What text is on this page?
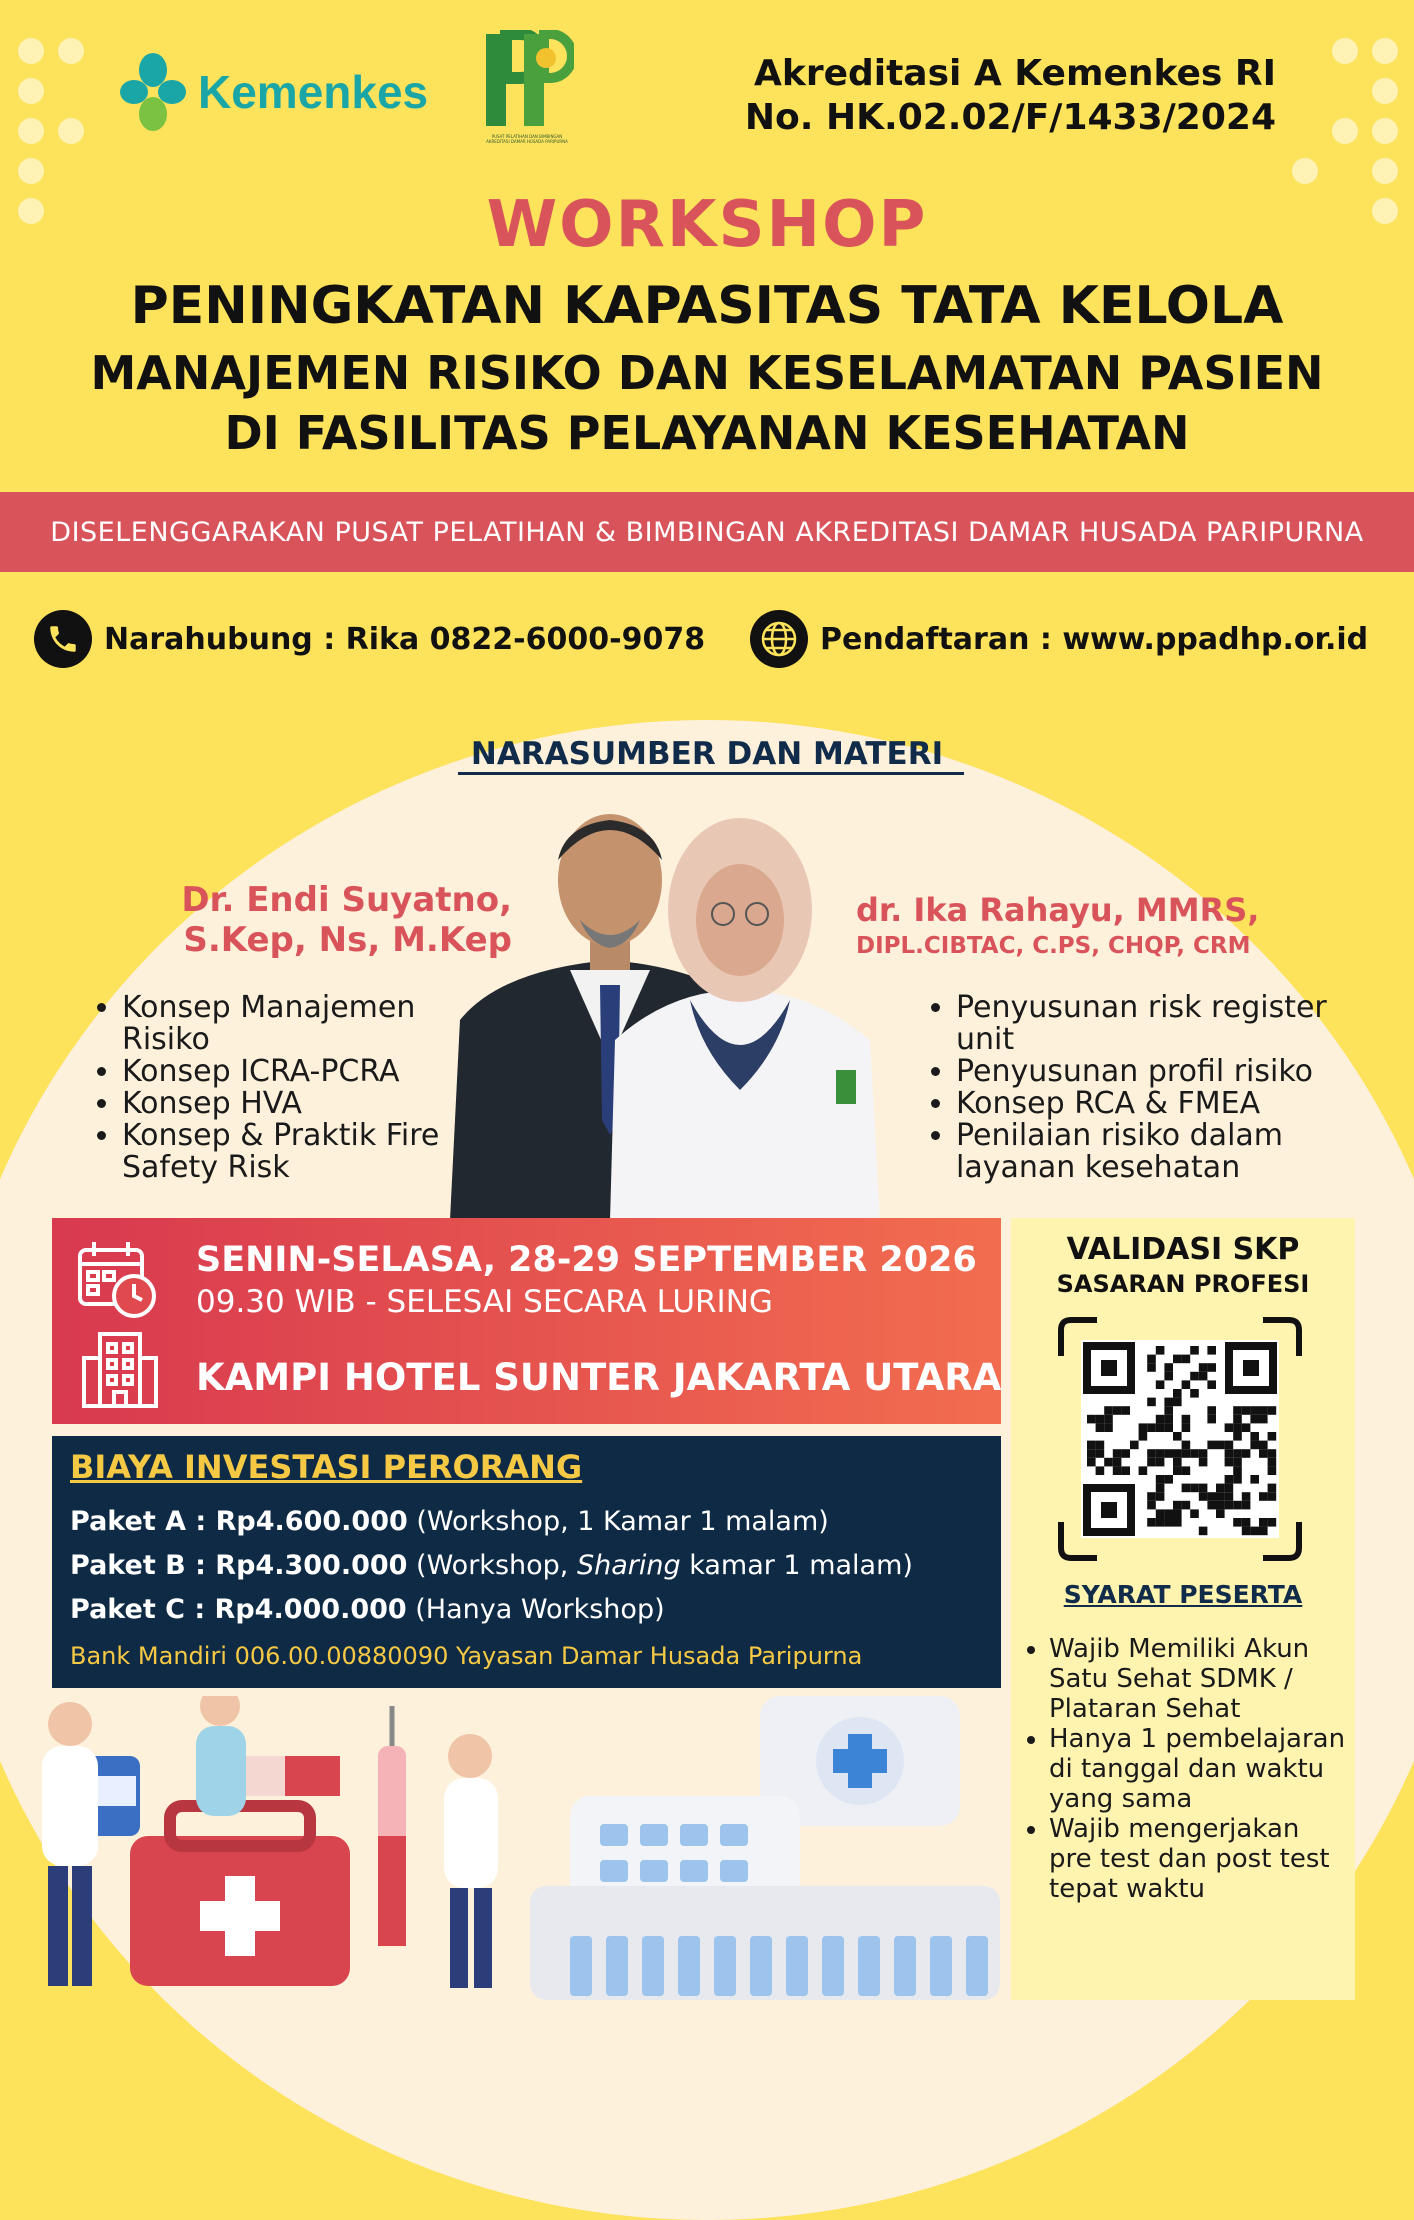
Kemenkes
PUSAT PELATIHAN DAN BIMBINGAN AKREDITASI DAMAR HUSADA PARIPURNA
Akreditasi A Kemenkes RI
No. HK.02.02/F/1433/2024
WORKSHOP
PENINGKATAN KAPASITAS TATA KELOLA
MANAJEMEN RISIKO DAN KESELAMATAN PASIEN
DI FASILITAS PELAYANAN KESEHATAN
DISELENGGARAKAN PUSAT PELATIHAN & BIMBINGAN AKREDITASI DAMAR HUSADA PARIPURNA
Narahubung : Rika 0822-6000-9078	Pendaftaran : www.ppadhp.or.id
NARASUMBER DAN MATERI
Dr. Endi Suyatno,
S.Kep, Ns, M.Kep
• Konsep Manajemen Risiko
• Konsep ICRA-PCRA
• Konsep HVA
• Konsep & Praktik Fire Safety Risk
dr. Ika Rahayu, MMRS,
DIPL.CIBTAC, C.PS, CHQP, CRM
• Penyusunan risk register unit
• Penyusunan profil risiko
• Konsep RCA & FMEA
• Penilaian risiko dalam layanan kesehatan
SENIN-SELASA, 28-29 SEPTEMBER 2026
09.30 WIB - SELESAI SECARA LURING
KAMPI HOTEL SUNTER JAKARTA UTARA
BIAYA INVESTASI PERORANG
Paket A : Rp4.600.000 (Workshop, 1 Kamar 1 malam)
Paket B : Rp4.300.000 (Workshop, Sharing kamar 1 malam)
Paket C : Rp4.000.000 (Hanya Workshop)
Bank Mandiri 006.00.00880090 Yayasan Damar Husada Paripurna
VALIDASI SKP
SASARAN PROFESI
SYARAT PESERTA
• Wajib Memiliki Akun Satu Sehat SDMK / Plataran Sehat
• Hanya 1 pembelajaran di tanggal dan waktu yang sama
• Wajib mengerjakan pre test dan post test tepat waktu
